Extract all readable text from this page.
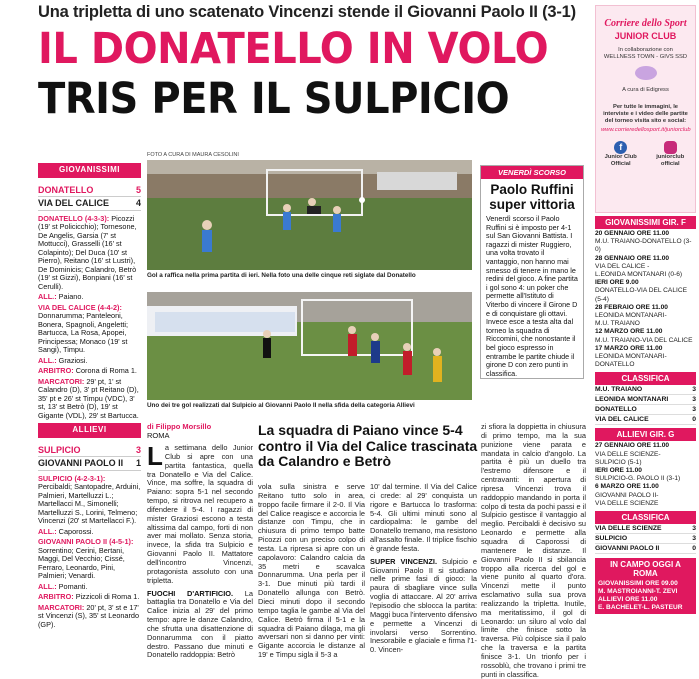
Una tripletta di uno scatenato Vincenzi stende il Giovanni Paolo II (3-1)
IL DONATELLO IN VOLO
TRIS PER IL SULPICIO
GIOVANISSIMI
DONATELLO	5
VIA DEL CALICE	4

DONATELLO (4-3-3): Picozzi (19' st Policicchio); Tornesone, De Angelis, Garsia (7' st Mottucci), Grasselli (16' st Colapinto); Del Duca (10' st Pierro), Reitano (16' st Lustri), De Dominicis; Calandro, Betrò (19' st Gizzi), Bonpiani (16' st Cerulli).

ALL.: Paiano.

VIA DEL CALICE (4-4-2): Donnarumma; Panteleoni, Bonera, Spagnoli, Angeletti; Bartucca, La Rosa, Apopei, Principessa; Monaco (19' st Sangi), Timpu.

ALL.: Graziosi.

ARBITRO: Corona di Roma 1.

MARCATORI: 29' pt, 1' st Calandro (D), 3' pt Reitano (D), 35' pt e 26' st Timpu (VDC), 3' st, 13' st Betrò (D), 19' st Gigante (VDL), 29' st Bartucca.

ALLIEVI
SULPICIO	3
GIOVANNI PAOLO II 1

SULPICIO (4-2-3-1): Percibaldi; Santopadre, Arduini, Palmieri, Martelluzzi L.; Martellacci M., Simonelli; Martelluzzi S., Lorini, Telmeno; Vincenzi (20' st Martellacci F.).

ALL.: Caporossi.

GIOVANNI PAOLO II (4-5-1): Sorrentino; Cerini, Bertani, Maggi, Del Vecchio; Cissé, Ferraro, Leonardo, Pini, Palmieri; Venardi.

ALL.: Pomanti.

ARBITRO: Pizzicoli di Roma 1.

MARCATORI: 20' pt, 3' st e 17' st Vincenzi (S), 35' st Leonardo (GP).

FOTO A CURA DI MAURA CESOLINI
Gol a raffica nella prima partita di ieri. Nella foto una delle cinque reti siglate dal Donatello
Uno dei tre gol realizzati dal Sulpicio al Giovanni Paolo II nella sfida della categoria Allievi
VENERDÌ SCORSO
Paolo Ruffini super vittoria

Venerdì scorso il Paolo Ruffini si è imposto per 4-1 sul San Giovanni Battista. I ragazzi di mister Ruggiero, una volta trovato il vantaggio, non hanno mai smesso di tenere in mano le redini del gioco. A fine partita i gol sono 4: un poker che permette all'Istituto di Viterbo di vincere il Girone D e di conquistare gli ottavi. Invece esce a testa alta dal torneo la squadra di Riccomini, che nonostante il bel gioco espresso in entrambe le partite chiude il girone D con zero punti in classifica.

di Filippo Morsillo
ROMA	La squadra di Paiano vince 5-4 contro il Via del Calice trascinata da Calandro e Betrò
La settimana dello Junior Club si apre con una partita fantastica, quella tra Donatello e Via del Calice. Vince, ma soffre, la squadra di Paiano: sopra 5-1 nel secondo tempo, si ritrova nel recupero a difendere il 5-4. I ragazzi di mister Graziosi escono a testa altissima dal campo, forti di non aver mai mollato. Senza storia, invece, la sfida tra Sulpicio e Giovanni Paolo II. Mattatore dell'incontro Vincenzi, protagonista assoluto con una tripletta.
FUOCHI D'ARTIFICIO. La battaglia tra Donatello e Via del Calice inizia al 29' del primo tempo: apre le danze Calandro, che sfrutta una disattenzione di Donnarumma con il piatto destro. Passano due minuti e Donatello raddoppia: Betrò
vola sulla sinistra e serve Reitano tutto solo in area, troppo facile firmare il 2-0. Il Via del Calice reagisce e accorcia le distanze con Timpu, che in chiusura di primo tempo batte Picozzi con un preciso colpo di testa. La ripresa si apre con un capolavoro: Calandro calcia da 35 metri e scavalca Donnarumma. Una perla per il 3-1. Due minuti più tardi il Donatello allunga con Betrò. Dieci minuti dopo il secondo tempo taglia le gambe al Via del Calice. Betrò firma il 5-1 e la squadra di Paiano dilaga, ma gli avversari non si danno per vinti: Gigante accorcia le distanze al 19' e Timpu sigla il 5-3 a
10' dal termine. Il Via del Calice ci crede: al 29' conquista un rigore e Bartucca lo trasforma: 5-4. Gli ultimi minuti sono al cardiopalma: le gambe del Donatello tremano, ma resistono all'assalto finale. Il triplice fischio è grande festa.
SUPER VINCENZI. Sulpicio e Giovanni Paolo II si studiano nelle prime fasi di gioco: la paura di sbagliare vince sulla voglia di attaccare. Al 20' arriva l'episodio che sblocca la partita: Maggi buca l'intervento difensivo e permette a Vincenzi di involarsi verso Sorrentino. Inesorabile e glaciale e firma l'1-0. Vincen-
zi sfiora la doppietta in chiusura di primo tempo, ma la sua punizione viene parata e mandata in calcio d'angolo. La partita è più un duello tra l'estremo difensore e il centravanti: in apertura di ripresa Vincenzi trova il raddoppio mandando in porta il colpo di testa da pochi passi e il Sulpicio gestisce il vantaggio al meglio. Percibaldi è decisivo su Leonardo e permette alla squadra di Caporossi di mantenere le distanze. Il Giovanni Paolo II si sbilancia troppo alla ricerca del gol e viene punito al quarto d'ora. Vincenzi mette il punto esclamativo sulla sua prova realizzando la tripletta. Inutile, ma meritatissimo, il gol di Leonardo: un siluro al volo dal limite che finisce sotto la traversa. Più colpisce sia il palo che la traversa e la partita finisce 3-1. Un trionfo per i rossoblù, che trovano i primi tre punti in classifica.
Corriere dello Sport
JUNIOR CLUB
In collaborazione con WELLNESS TOWN - GIVS SSD
A cura di Edigress
Per tutte le immagini, le interviste e i video delle partite del torneo visita sito e social:
www.corrieredellosport.it/juniorclub
f
Junior Club Official
juniorclub official
GIOVANISSIMI GIR. F
20 GENNAIO ORE 11.00
M.U. TRAIANO-DONATELLO (3-0)
28 GENNAIO ORE 11.00
VIA DEL CALICE -
L.EONIDA MONTANARI (0-6)
IERI ORE 9.00
DONATELLO-VIA DEL CALICE (5-4)
28 FEBRAIO ORE 11.00
LEONIDA MONTANARI-
M.U. TRAIANO
12 MARZO ORE 11.00
M.U. TRAIANO-VIA DEL CALICE
17 MARZO ORE 11.00
LEONIDA MONTANARI-
DONATELLO
CLASSIFICA
M.U. TRAIANO	3
LEONIDA MONTANARI	3
DONATELLO	3
VIA DEL CALICE	0
ALLIEVI GIR. G
27 GENNAIO ORE 11.00
VIA DELLE SCIENZE-
SULPICIO (5-1)
IERI ORE 11.00
SULPICIO-G. PAOLO II (3-1)
6 MARZO ORE 11.00
GIOVANNI PAOLO II-
VIA DELLE SCIENZE
CLASSIFICA
VIA DELLE SCIENZE	3
SULPICIO	3
GIOVANNI PAOLO II	0
IN CAMPO OGGI A ROMA
GIOVANISSIMI ORE 09.00
M. MASTROIANNI-T. ZEVI
ALLIEVI ORE 11.00
E. BACHELET-L. PASTEUR
